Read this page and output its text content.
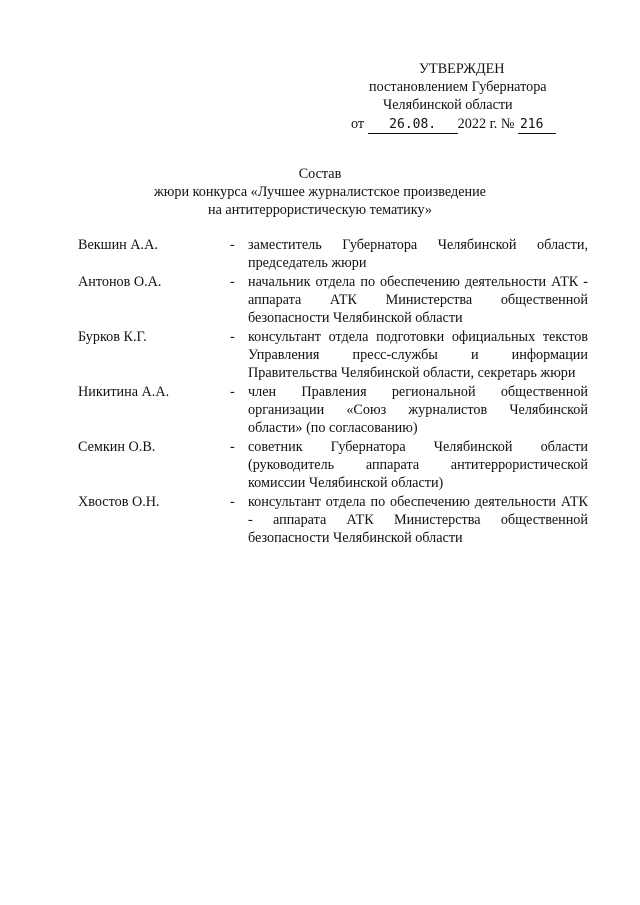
УТВЕРЖДЕН
постановлением Губернатора
Челябинской области
от 26.08. 2022 г. № 216
Состав
жюри конкурса «Лучшее журналистское произведение
на антитеррористическую тематику»
Векшин А.А.	- заместитель Губернатора Челябинской области, председатель жюри
Антонов О.А.	- начальник отдела по обеспечению деятельности АТК - аппарата АТК Министерства общественной безопасности Челябинской области
Бурков К.Г.	- консультант отдела подготовки официальных текстов Управления пресс-службы и информации Правительства Челябинской области, секретарь жюри
Никитина А.А.	- член Правления региональной общественной организации «Союз журналистов Челябинской области» (по согласованию)
Семкин О.В.	- советник Губернатора Челябинской области (руководитель аппарата антитеррористической комиссии Челябинской области)
Хвостов О.Н.	- консультант отдела по обеспечению деятельности АТК - аппарата АТК Министерства общественной безопасности Челябинской области
